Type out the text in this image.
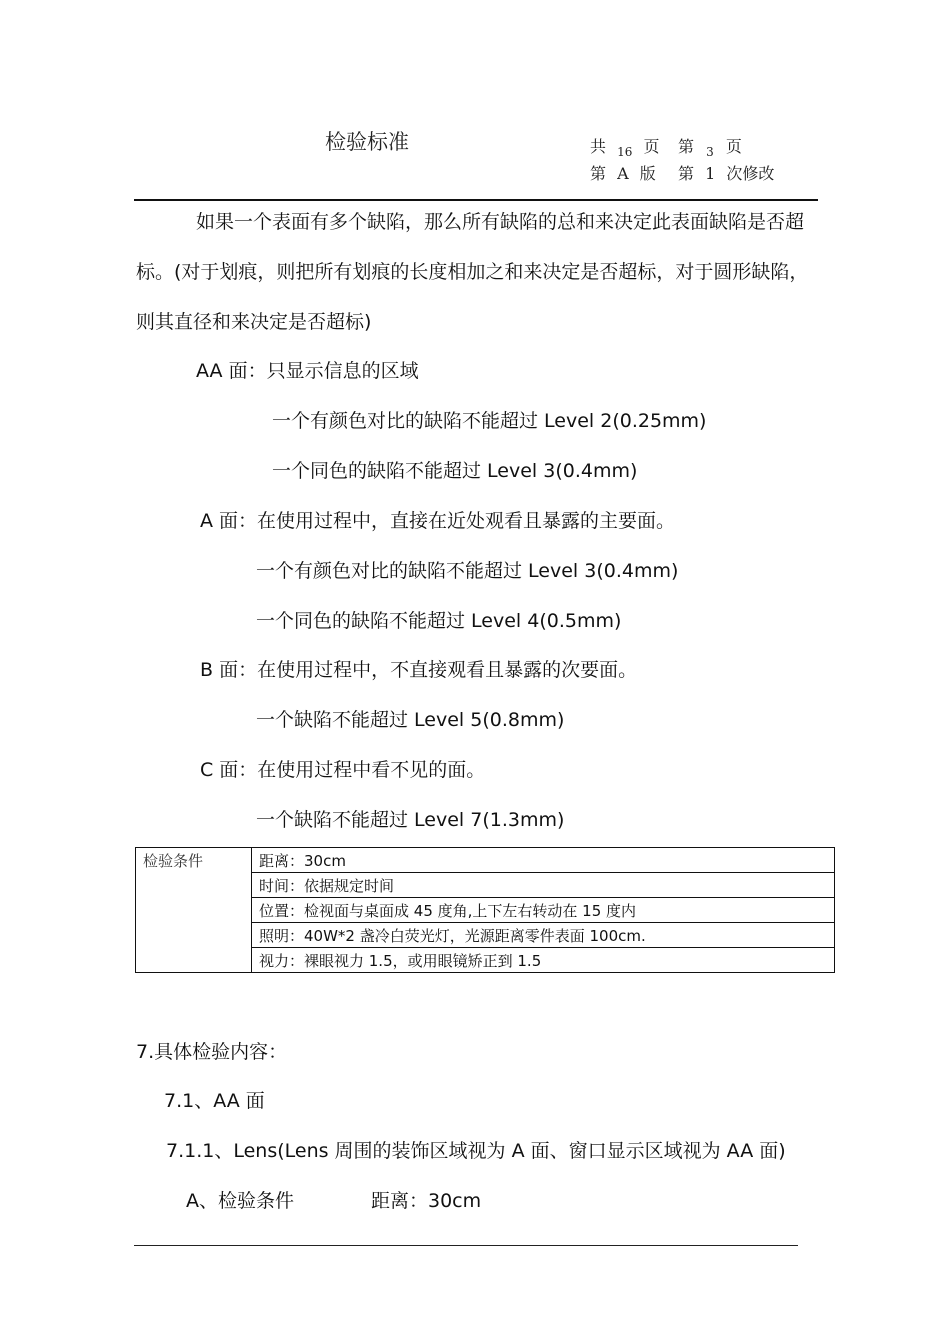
检验标准	共 16 页 第 3 页
第 A 版 第 1 次修改
如果一个表面有多个缺陷，那么所有缺陷的总和来决定此表面缺陷是否超
标。(对于划痕，则把所有划痕的长度相加之和来决定是否超标，对于圆形缺陷，
则其直径和来决定是否超标)
AA 面：只显示信息的区域
一个有颜色对比的缺陷不能超过 Level 2(0.25mm)
一个同色的缺陷不能超过 Level 3(0.4mm)
A 面：在使用过程中，直接在近处观看且暴露的主要面。
一个有颜色对比的缺陷不能超过 Level 3(0.4mm)
一个同色的缺陷不能超过 Level 4(0.5mm)
B 面：在使用过程中，不直接观看且暴露的次要面。
一个缺陷不能超过 Level 5(0.8mm)
C 面：在使用过程中看不见的面。
一个缺陷不能超过 Level 7(1.3mm)
检验条件	距离：30cm
时间：依据规定时间
位置：检视面与桌面成 45 度角,上下左右转动在 15 度内
照明：40W*2 盏冷白荧光灯，光源距离零件表面 100cm.
视力：裸眼视力 1.5，或用眼镜矫正到 1.5
7.具体检验内容：
7.1、AA 面
7.1.1、Lens(Lens 周围的装饰区域视为 A 面、窗口显示区域视为 AA 面)
A、检验条件	距离：30cm
